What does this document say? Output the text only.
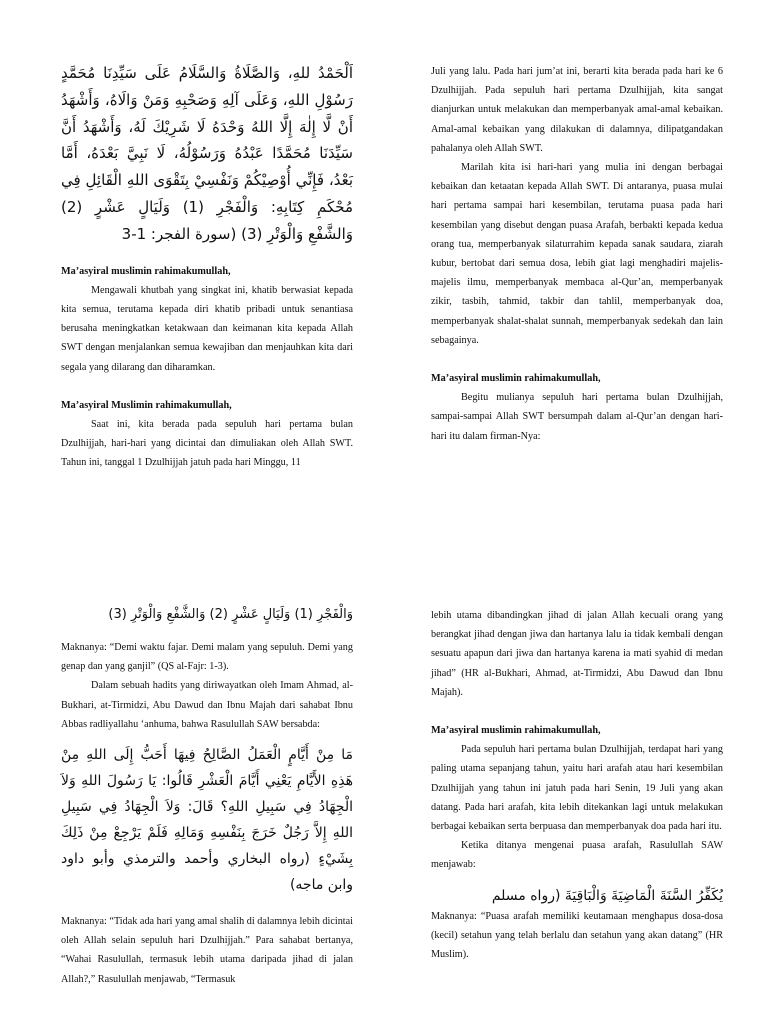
اَلْحَمْدُ للهِ، وَالصَّلَاةُ وَالسَّلَامُ عَلَى سَيِّدِنَا مُحَمَّدٍ رَسُوْلِ اللهِ، وَعَلَى آلِهِ وَصَحْبِهِ وَمَنْ وَالَاهُ، وَأَشْهَدُ أَنْ لَّا إِلٰهَ إِلَّا اللهُ وَحْدَهُ لَا شَرِيْكَ لَهُ، وَأَشْهَدُ أَنَّ سَيِّدَنَا مُحَمَّدًا عَبْدُهُ وَرَسُوْلُهُ، لَا نَبِيَّ بَعْدَهُ، أَمَّا بَعْدُ، فَإِنِّي أُوْصِيْكُمْ وَنَفْسِيْ بِتَقْوَى اللهِ الْقَائِلِ فِي مُحْكَمِ كِتَابِهِ: وَالْفَجْرِ (1) وَلَيَالٍ عَشْرٍ (2) وَالشَّفْعِ وَالْوَتْرِ (3) (سورة الفجر: 1-3

Ma’asyiral muslimin rahimakumullah,

Mengawali khutbah yang singkat ini, khatib berwasiat kepada kita semua, terutama kepada diri khatib pribadi untuk senantiasa berusaha meningkatkan ketakwaan dan keimanan kita kepada Allah SWT dengan menjalankan semua kewajiban dan menjauhkan kita dari segala yang dilarang dan diharamkan.

Ma’asyiral Muslimin rahimakumullah,

Saat ini, kita berada pada sepuluh hari pertama bulan Dzulhijjah, hari-hari yang dicintai dan dimuliakan oleh Allah SWT. Tahun ini, tanggal 1 Dzulhijjah jatuh pada hari Minggu, 11

Juli yang lalu. Pada hari jum’at ini, berarti kita berada pada hari ke 6 Dzulhijjah. Pada sepuluh hari pertama Dzulhijjah, kita sangat dianjurkan untuk melakukan dan memperbanyak amal-amal kebaikan. Amal-amal kebaikan yang dilakukan di dalamnya, dilipatgandakan pahalanya oleh Allah SWT.

Marilah kita isi hari-hari yang mulia ini dengan berbagai kebaikan dan ketaatan kepada Allah SWT. Di antaranya, puasa mulai hari pertama sampai hari kesembilan, terutama puasa pada hari kesembilan yang disebut dengan puasa Arafah, berbakti kepada kedua orang tua, memperbanyak silaturrahim kepada sanak saudara, ziarah kubur, bertobat dari semua dosa, lebih giat lagi menghadiri majelis-majelis ilmu, memperbanyak membaca al-Qur’an, memperbanyak zikir, tasbih, tahmid, takbir dan tahlil, memperbanyak doa, memperbanyak shalat-shalat sunnah, memperbanyak sedekah dan lain sebagainya.

Ma’asyiral muslimin rahimakumullah,

Begitu mulianya sepuluh hari pertama bulan Dzulhijjah, sampai-sampai Allah SWT bersumpah dalam al-Qur’an dengan hari-hari itu dalam firman-Nya:

وَالْفَجْرِ (1) وَلَيَالٍ عَشْرٍ (2) وَالشَّفْعِ وَالْوَتْرِ (3)

Maknanya: “Demi waktu fajar. Demi malam yang sepuluh. Demi yang genap dan yang ganjil” (QS al-Fajr: 1-3).

Dalam sebuah hadits yang diriwayatkan oleh Imam Ahmad, al-Bukhari, at-Tirmidzi, Abu Dawud dan Ibnu Majah dari sahabat Ibnu Abbas radliyallahu ‘anhuma, bahwa Rasulullah SAW bersabda:

مَا مِنْ أَيَّامٍ الْعَمَلُ الصَّالِحُ فِيهَا أَحَبُّ إِلَى اللهِ مِنْ هَذِهِ الأَيَّامِ يَعْنِي أَيَّامَ الْعَشْرِ قَالُوا: يَا رَسُولَ اللهِ وَلاَ الْجِهَادُ فِي سَبِيلِ اللهِ؟ قَالَ: وَلاَ الْجِهَادُ فِي سَبِيلِ اللهِ إِلاَّ رَجُلٌ خَرَجَ بِنَفْسِهِ وَمَالِهِ فَلَمْ يَرْجِعْ مِنْ ذَلِكَ بِشَيْءٍ (رواه البخاري وأحمد والترمذي وأبو داود وابن ماجه)

Maknanya: “Tidak ada hari yang amal shalih di dalamnya lebih dicintai oleh Allah selain sepuluh hari Dzulhijjah.” Para sahabat bertanya, “Wahai Rasulullah, termasuk lebih utama daripada jihad di jalan Allah?,” Rasulullah menjawab, “Termasuk

lebih utama dibandingkan jihad di jalan Allah kecuali orang yang berangkat jihad dengan jiwa dan hartanya lalu ia tidak kembali dengan sesuatu apapun dari jiwa dan hartanya karena ia mati syahid di medan jihad” (HR al-Bukhari, Ahmad, at-Tirmidzi, Abu Dawud dan Ibnu Majah).

Ma’asyiral muslimin rahimakumullah,

Pada sepuluh hari pertama bulan Dzulhijjah, terdapat hari yang paling utama sepanjang tahun, yaitu hari arafah atau hari kesembilan Dzulhijjah yang tahun ini jatuh pada hari Senin, 19 Juli yang akan datang. Pada hari arafah, kita lebih ditekankan lagi untuk melakukan berbagai kebaikan serta berpuasa dan memperbanyak doa pada hari itu.

Ketika ditanya mengenai puasa arafah, Rasulullah SAW menjawab:

يُكَفِّرُ السَّنَةَ الْمَاضِيَةَ وَالْبَاقِيَةَ (رواه مسلم

Maknanya: “Puasa arafah memiliki keutamaan menghapus dosa-dosa (kecil) setahun yang telah berlalu dan setahun yang akan datang” (HR Muslim).
